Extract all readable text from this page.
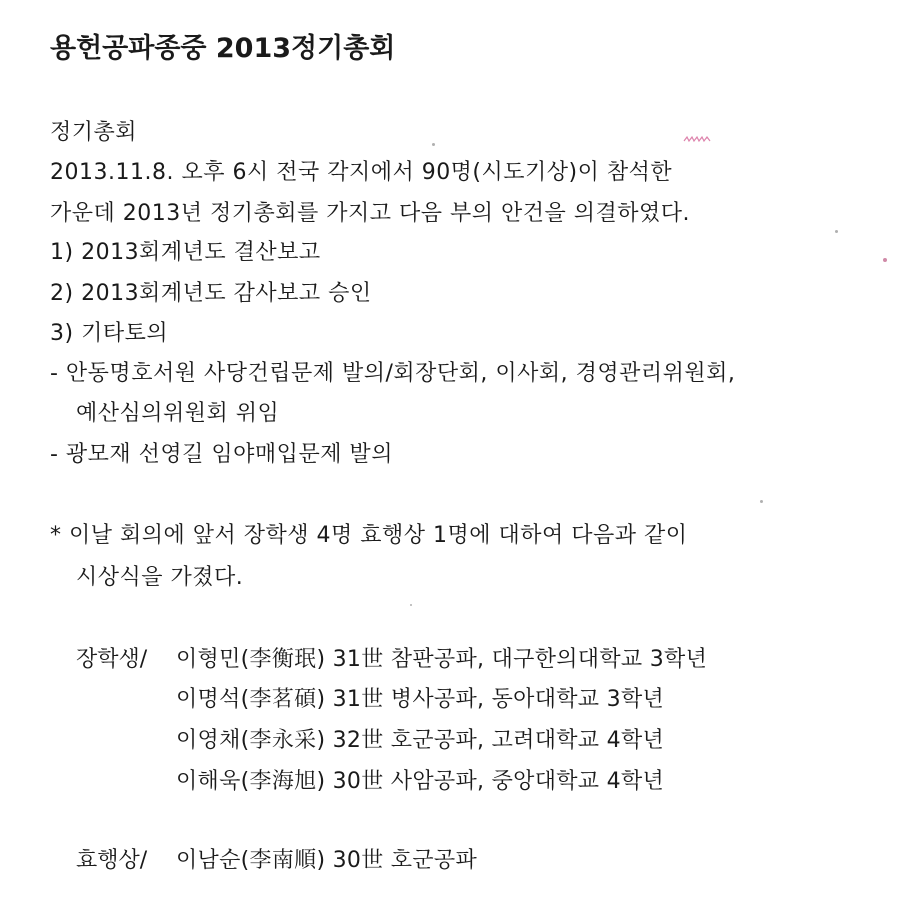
용헌공파종중 2013정기총회
정기총회
2013.11.8. 오후 6시 전국 각지에서 90명(시도기상)이 참석한
가운데 2013년 정기총회를 가지고 다음 부의 안건을 의결하였다.
1) 2013회계년도 결산보고
2) 2013회계년도 감사보고 승인
3) 기타토의
- 안동명호서원 사당건립문제 발의/회장단회, 이사회, 경영관리위원회,
예산심의위원회 위임
- 광모재 선영길 임야매입문제 발의
* 이날 회의에 앞서 장학생 4명 효행상 1명에 대하여 다음과 같이
시상식을 가졌다.
장학생/ 이형민(李衡珉) 31世 참판공파, 대구한의대학교 3학년
이명석(李茗碩) 31世 병사공파, 동아대학교 3학년
이영채(李永采) 32世 호군공파, 고려대학교 4학년
이해욱(李海旭) 30世 사암공파, 중앙대학교 4학년
효행상/ 이남순(李南順) 30世 호군공파
